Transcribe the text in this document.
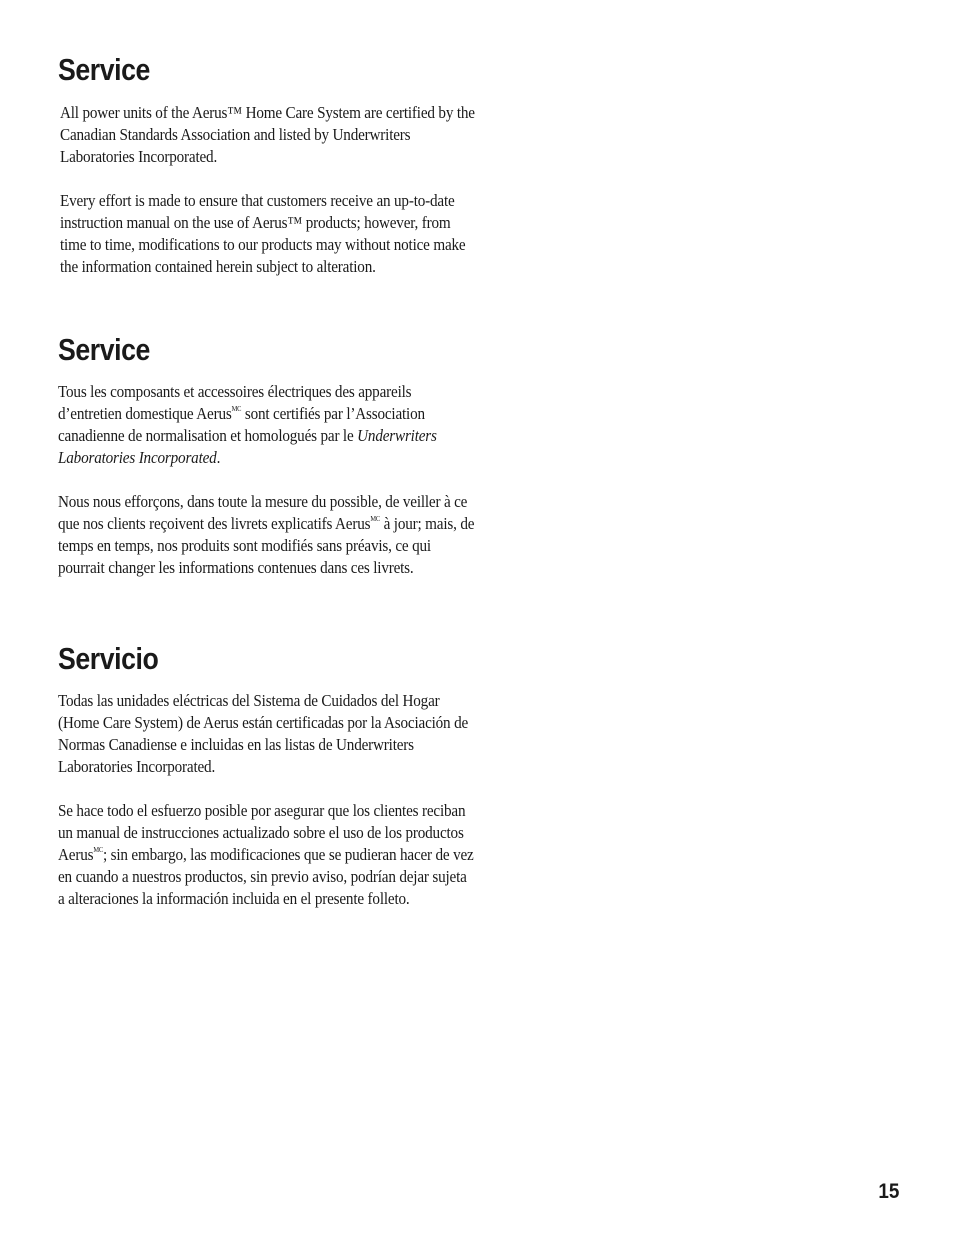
Service

All power units of the Aerus™ Home Care System are certified by the Canadian Standards Association and listed by Underwriters Laboratories Incorporated.

Every effort is made to ensure that customers receive an up-to-date instruction manual on the use of Aerus™ products; however, from time to time, modifications to our products may without notice make the information contained herein subject to alteration.

Service

Tous les composants et accessoires électriques des appareils d’entretien domestique Aerus$^{MC}$ sont certifiés par l’Association canadienne de normalisation et homologués par le Underwriters Laboratories Incorporated.

Nous nous efforçons, dans toute la mesure du possible, de veiller à ce que nos clients reçoivent des livrets explicatifs Aerus$^{MC}$ à jour; mais, de temps en temps, nos produits sont modifiés sans préavis, ce qui pourrait changer les informations contenues dans ces livrets.

Servicio

Todas las unidades eléctricas del Sistema de Cuidados del Hogar (Home Care System) de Aerus están certificadas por la Asociación de Normas Canadiense e incluidas en las listas de Underwriters Laboratories Incorporated.

Se hace todo el esfuerzo posible por asegurar que los clientes reciban un manual de instrucciones actualizado sobre el uso de los productos Aerus$^{MC}$; sin embargo, las modificaciones que se pudieran hacer de vez en cuando a nuestros productos, sin previo aviso, podrían dejar sujeta a alteraciones la información incluida en el presente folleto.

15
